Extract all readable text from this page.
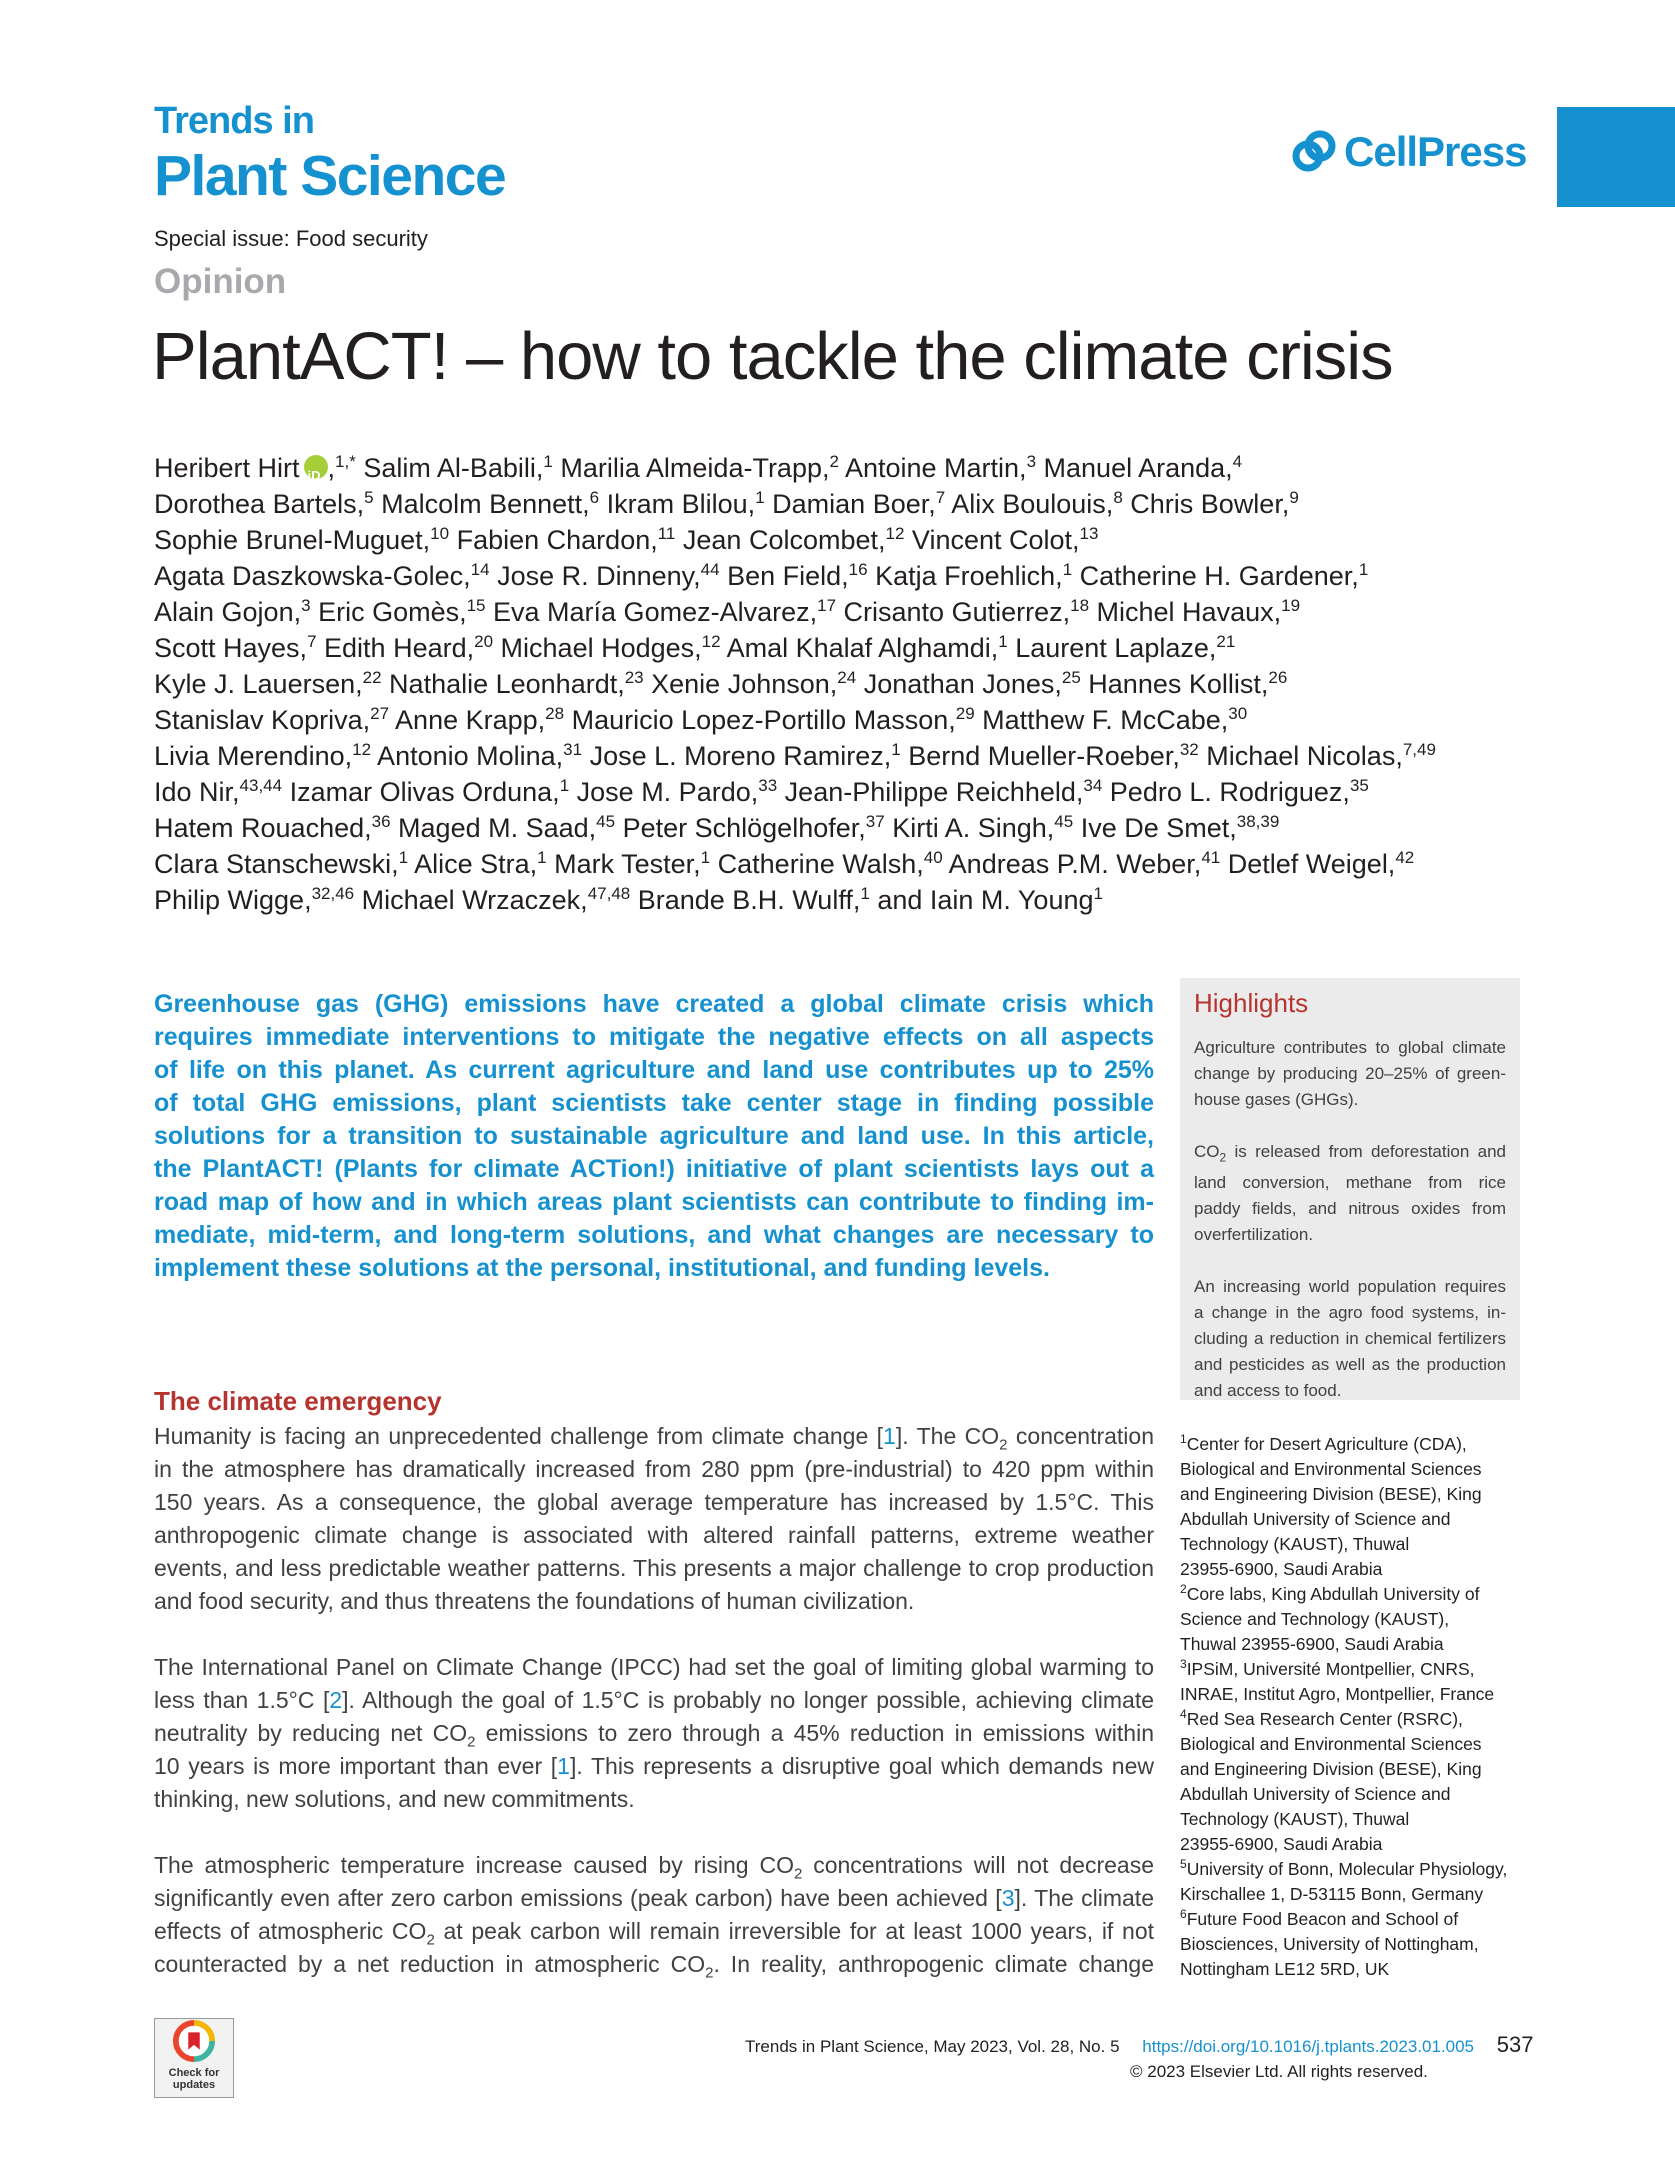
Trends in
Plant Science	CellPress
Special issue: Food security
Opinion
PlantACT! – how to tackle the climate crisis
Heribert HirtiD ,$^{1,*}$ Salim Al-Babili,$^1$ Marilia Almeida-Trapp,$^2$ Antoine Martin,$^3$ Manuel Aranda,$^4$
Dorothea Bartels,$^5$ Malcolm Bennett,$^6$ Ikram Blilou,$^1$ Damian Boer,$^7$ Alix Boulouis,$^8$ Chris Bowler,$^9$
Sophie Brunel-Muguet,$^{10}$ Fabien Chardon,$^{11}$ Jean Colcombet,$^{12}$ Vincent Colot,$^{13}$
Agata Daszkowska-Golec,$^{14}$ Jose R. Dinneny,$^{44}$ Ben Field,$^{16}$ Katja Froehlich,$^1$ Catherine H. Gardener,$^1$
Alain Gojon,$^3$ Eric Gomès,$^{15}$ Eva María Gomez-Alvarez,$^{17}$ Crisanto Gutierrez,$^{18}$ Michel Havaux,$^{19}$
Scott Hayes,$^7$ Edith Heard,$^{20}$ Michael Hodges,$^{12}$ Amal Khalaf Alghamdi,$^1$ Laurent Laplaze,$^{21}$
Kyle J. Lauersen,$^{22}$ Nathalie Leonhardt,$^{23}$ Xenie Johnson,$^{24}$ Jonathan Jones,$^{25}$ Hannes Kollist,$^{26}$
Stanislav Kopriva,$^{27}$ Anne Krapp,$^{28}$ Mauricio Lopez-Portillo Masson,$^{29}$ Matthew F. McCabe,$^{30}$
Livia Merendino,$^{12}$ Antonio Molina,$^{31}$ Jose L. Moreno Ramirez,$^1$ Bernd Mueller-Roeber,$^{32}$ Michael Nicolas,$^{7,49}$
Ido Nir,$^{43,44}$ Izamar Olivas Orduna,$^1$ Jose M. Pardo,$^{33}$ Jean-Philippe Reichheld,$^{34}$ Pedro L. Rodriguez,$^{35}$
Hatem Rouached,$^{36}$ Maged M. Saad,$^{45}$ Peter Schlögelhofer,$^{37}$ Kirti A. Singh,$^{45}$ Ive De Smet,$^{38,39}$
Clara Stanschewski,$^1$ Alice Stra,$^1$ Mark Tester,$^1$ Catherine Walsh,$^{40}$ Andreas P.M. Weber,$^{41}$ Detlef Weigel,$^{42}$
Philip Wigge,$^{32,46}$ Michael Wrzaczek,$^{47,48}$ Brande B.H. Wulff,$^1$ and Iain M. Young$^1$
Greenhouse gas (GHG) emissions have created a global climate crisis which
requires immediate interventions to mitigate the negative effects on all aspects
of life on this planet. As current agriculture and land use contributes up to 25%
of total GHG emissions, plant scientists take center stage in finding possible
solutions for a transition to sustainable agriculture and land use. In this article,
the PlantACT! (Plants for climate ACTion!) initiative of plant scientists lays out a
road map of how and in which areas plant scientists can contribute to finding im-
mediate, mid-term, and long-term solutions, and what changes are necessary to
implement these solutions at the personal, institutional, and funding levels.
Highlights

Agriculture contributes to global climate
change by producing 20–25% of green-
house gases (GHGs).

$CO_2$ is released from deforestation and
land conversion, methane from rice
paddy fields, and nitrous oxides from
overfertilization.

An increasing world population requires
a change in the agro food systems, in-
cluding a reduction in chemical fertilizers
and pesticides as well as the production
and access to food.

The climate emergency

Humanity is facing an unprecedented challenge from climate change [1]. The $CO_2$ concentration
in the atmosphere has dramatically increased from 280 ppm (pre-industrial) to 420 ppm within
150 years. As a consequence, the global average temperature has increased by 1.5°C. This
anthropogenic climate change is associated with altered rainfall patterns, extreme weather
events, and less predictable weather patterns. This presents a major challenge to crop production
and food security, and thus threatens the foundations of human civilization.

The International Panel on Climate Change (IPCC) had set the goal of limiting global warming to
less than 1.5°C [2]. Although the goal of 1.5°C is probably no longer possible, achieving climate
neutrality by reducing net $CO_2$ emissions to zero through a 45% reduction in emissions within
10 years is more important than ever [1]. This represents a disruptive goal which demands new
thinking, new solutions, and new commitments.

The atmospheric temperature increase caused by rising $CO_2$ concentrations will not decrease
significantly even after zero carbon emissions (peak carbon) have been achieved [3]. The climate
effects of atmospheric $CO_2$ at peak carbon will remain irreversible for at least 1000 years, if not
counteracted by a net reduction in atmospheric $CO_2$. In reality, anthropogenic climate change

$^1$Center for Desert Agriculture (CDA),
Biological and Environmental Sciences
and Engineering Division (BESE), King
Abdullah University of Science and
Technology (KAUST), Thuwal
23955-6900, Saudi Arabia
$^2$Core labs, King Abdullah University of
Science and Technology (KAUST),
Thuwal 23955-6900, Saudi Arabia
$^3$IPSiM, Université Montpellier, CNRS,
INRAE, Institut Agro, Montpellier, France
$^4$Red Sea Research Center (RSRC),
Biological and Environmental Sciences
and Engineering Division (BESE), King
Abdullah University of Science and
Technology (KAUST), Thuwal
23955-6900, Saudi Arabia
$^5$University of Bonn, Molecular Physiology,
Kirschallee 1, D-53115 Bonn, Germany
$^6$Future Food Beacon and School of
Biosciences, University of Nottingham,
Nottingham LE12 5RD, UK
Check for updates
Trends in Plant Science, May 2023, Vol. 28, No. 5 https://doi.org/10.1016/j.tplants.2023.01.005 537
© 2023 Elsevier Ltd. All rights reserved.
